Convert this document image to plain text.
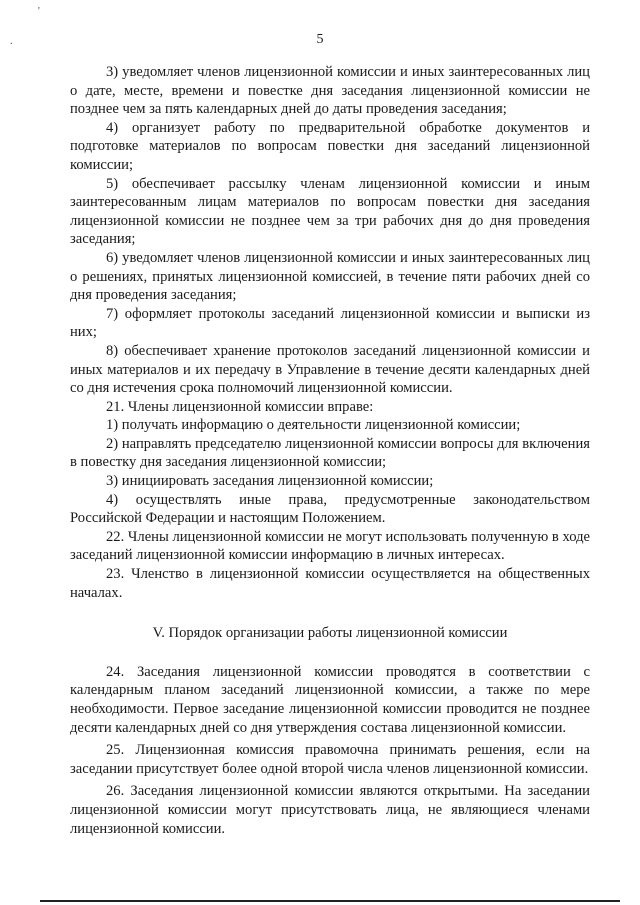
'
.	5

3) уведомляет членов лицензионной комиссии и иных заинтересованных лиц о дате, месте, времени и повестке дня заседания лицензионной комиссии не позднее чем за пять календарных дней до даты проведения заседания;

4) организует работу по предварительной обработке документов и подготовке материалов по вопросам повестки дня заседаний лицензионной комиссии;

5) обеспечивает рассылку членам лицензионной комиссии и иным заинтересованным лицам материалов по вопросам повестки дня заседания лицензионной комиссии не позднее чем за три рабочих дня до дня проведения заседания;

6) уведомляет членов лицензионной комиссии и иных заинтересованных лиц о решениях, принятых лицензионной комиссией, в течение пяти рабочих дней со дня проведения заседания;

7) оформляет протоколы заседаний лицензионной комиссии и выписки из них;

8) обеспечивает хранение протоколов заседаний лицензионной комиссии и иных материалов и их передачу в Управление в течение десяти календарных дней со дня истечения срока полномочий лицензионной комиссии.

21. Члены лицензионной комиссии вправе:

1) получать информацию о деятельности лицензионной комиссии;

2) направлять председателю лицензионной комиссии вопросы для включения в повестку дня заседания лицензионной комиссии;

3) инициировать заседания лицензионной комиссии;

4) осуществлять иные права, предусмотренные законодательством Российской Федерации и настоящим Положением.

22. Члены лицензионной комиссии не могут использовать полученную в ходе заседаний лицензионной комиссии информацию в личных интересах.

23. Членство в лицензионной комиссии осуществляется на общественных началах.

V. Порядок организации работы лицензионной комиссии

24. Заседания лицензионной комиссии проводятся в соответствии с календарным планом заседаний лицензионной комиссии, а также по мере необходимости. Первое заседание лицензионной комиссии проводится не позднее десяти календарных дней со дня утверждения состава лицензионной комиссии.

25. Лицензионная комиссия правомочна принимать решения, если на заседании присутствует более одной второй числа членов лицензионной комиссии.

26. Заседания лицензионной комиссии являются открытыми. На заседании лицензионной комиссии могут присутствовать лица, не являющиеся членами лицензионной комиссии.
